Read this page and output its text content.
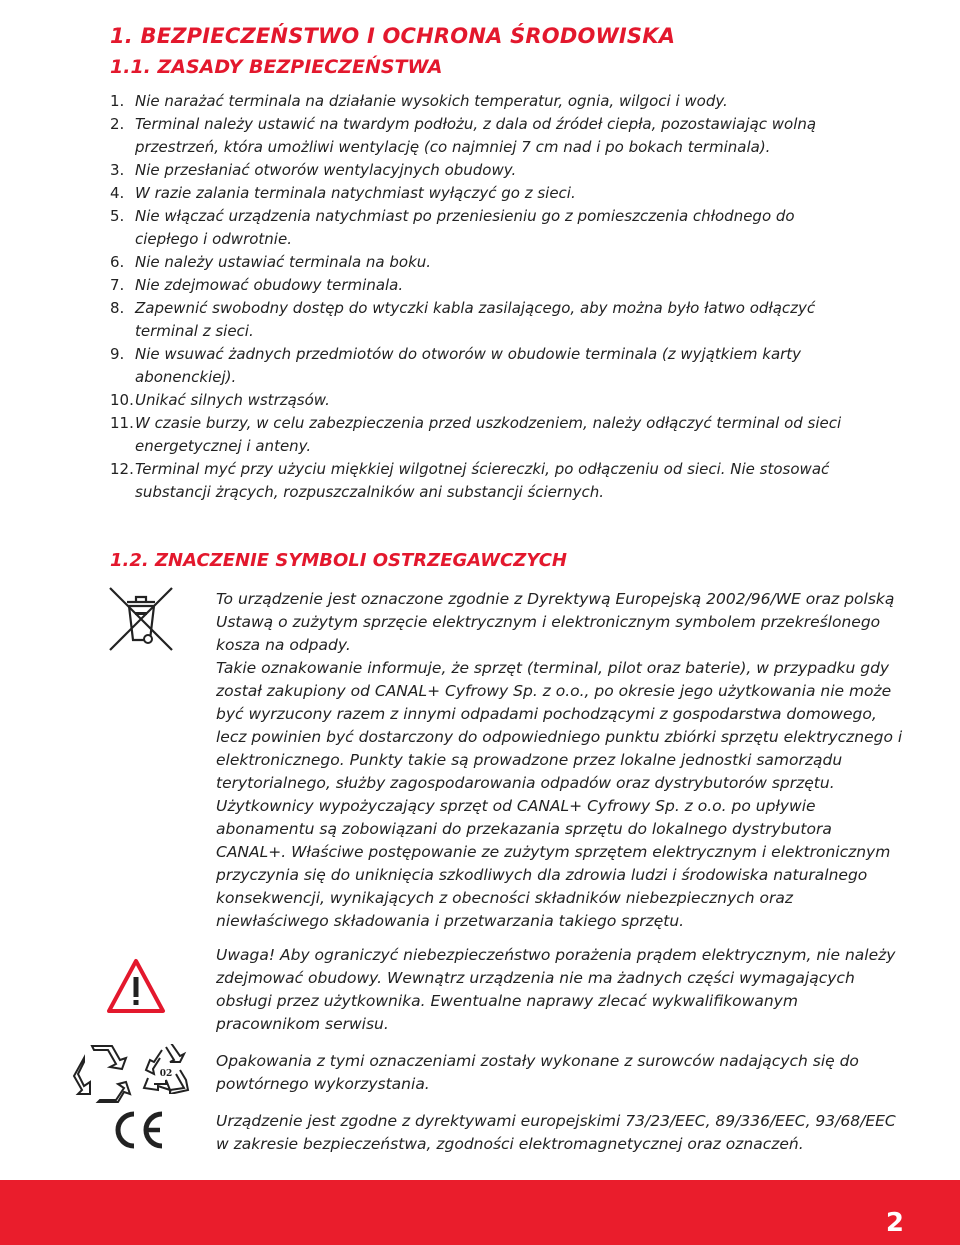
1. BEZPIECZEŃSTWO I OCHRONA ŚRODOWISKA
1.1. ZASADY BEZPIECZEŃSTWA
1. Nie narażać terminala na działanie wysokich temperatur, ognia, wilgoci i wody.
2. Terminal należy ustawić na twardym podłożu, z dala od źródeł ciepła, pozostawiając wolną przestrzeń, która umożliwi wentylację (co najmniej 7 cm nad i po bokach terminala).
3. Nie przesłaniać otworów wentylacyjnych obudowy.
4. W razie zalania terminala natychmiast wyłączyć go z sieci.
5. Nie włączać urządzenia natychmiast po przeniesieniu go z pomieszczenia chłodnego do ciepłego i odwrotnie.
6. Nie należy ustawiać terminala na boku.
7. Nie zdejmować obudowy terminala.
8. Zapewnić swobodny dostęp do wtyczki kabla zasilającego, aby można było łatwo odłączyć terminal z sieci.
9. Nie wsuwać żadnych przedmiotów do otworów w obudowie terminala (z wyjątkiem karty abonenckiej).
10. Unikać silnych wstrząsów.
11. W czasie burzy, w celu zabezpieczenia przed uszkodzeniem, należy odłączyć terminal od sieci energetycznej i anteny.
12. Terminal myć przy użyciu miękkiej wilgotnej ściereczki, po odłączeniu od sieci. Nie stosować substancji żrących, rozpuszczalników ani substancji ściernych.
1.2. ZNACZENIE SYMBOLI OSTRZEGAWCZYCH

To urządzenie jest oznaczone zgodnie z Dyrektywą Europejską 2002/96/WE oraz polską Ustawą o zużytym sprzęcie elektrycznym i elektronicznym symbolem przekreślonego kosza na odpady.

Takie oznakowanie informuje, że sprzęt (terminal, pilot oraz baterie), w przypadku gdy został zakupiony od CANAL+ Cyfrowy Sp. z o.o., po okresie jego użytkowania nie może być wyrzucony razem z innymi odpadami pochodzącymi z gospodarstwa domowego, lecz powinien być dostarczony do odpowiedniego punktu zbiórki sprzętu elektrycznego i elektronicznego. Punkty takie są prowadzone przez lokalne jednostki samorządu terytorialnego, służby zagospodarowania odpadów oraz dystrybutorów sprzętu. Użytkownicy wypożyczający sprzęt od CANAL+ Cyfrowy Sp. z o.o. po upływie abonamentu są zobowiązani do przekazania sprzętu do lokalnego dystrybutora CANAL+. Właściwe postępowanie ze zużytym sprzętem elektrycznym i elektronicznym przyczynia się do uniknięcia szkodliwych dla zdrowia ludzi i środowiska naturalnego konsekwencji, wynikających z obecności składników niebezpiecznych oraz niewłaściwego składowania i przetwarzania takiego sprzętu.

Uwaga! Aby ograniczyć niebezpieczeństwo porażenia prądem elektrycznym, nie należy zdejmować obudowy. Wewnątrz urządzenia nie ma żadnych części wymagających obsługi przez użytkownika. Ewentualne naprawy zlecać wykwalifikowanym pracownikom serwisu.

02

Opakowania z tymi oznaczeniami zostały wykonane z surowców nadających się do powtórnego wykorzystania.

Urządzenie jest zgodne z dyrektywami europejskimi 73/23/EEC, 89/336/EEC, 93/68/EEC w zakresie bezpieczeństwa, zgodności elektromagnetycznej oraz oznaczeń.

2
